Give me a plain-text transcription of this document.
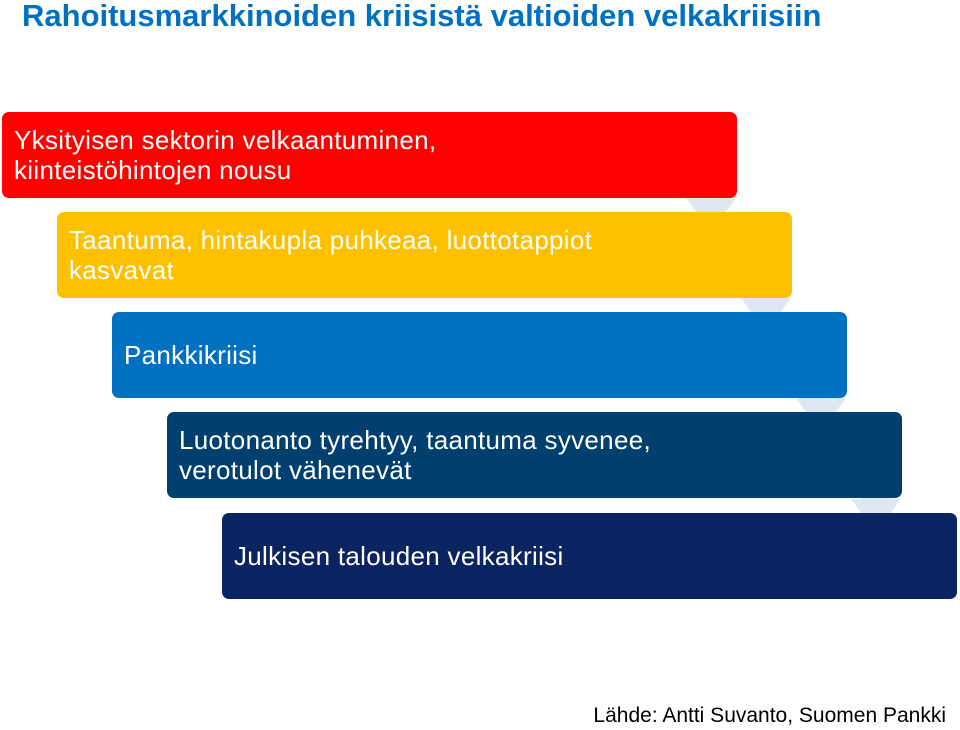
Rahoitusmarkkinoiden kriisistä valtioiden velkakriisiin
Yksityisen sektorin velkaantuminen,
kiinteistöhintojen nousu
Taantuma, hintakupla puhkeaa, luottotappiot
kasvavat
Pankkikriisi
Luotonanto tyrehtyy, taantuma syvenee,
verotulot vähenevät
Julkisen talouden velkakriisi
Lähde: Antti Suvanto, Suomen Pankki
